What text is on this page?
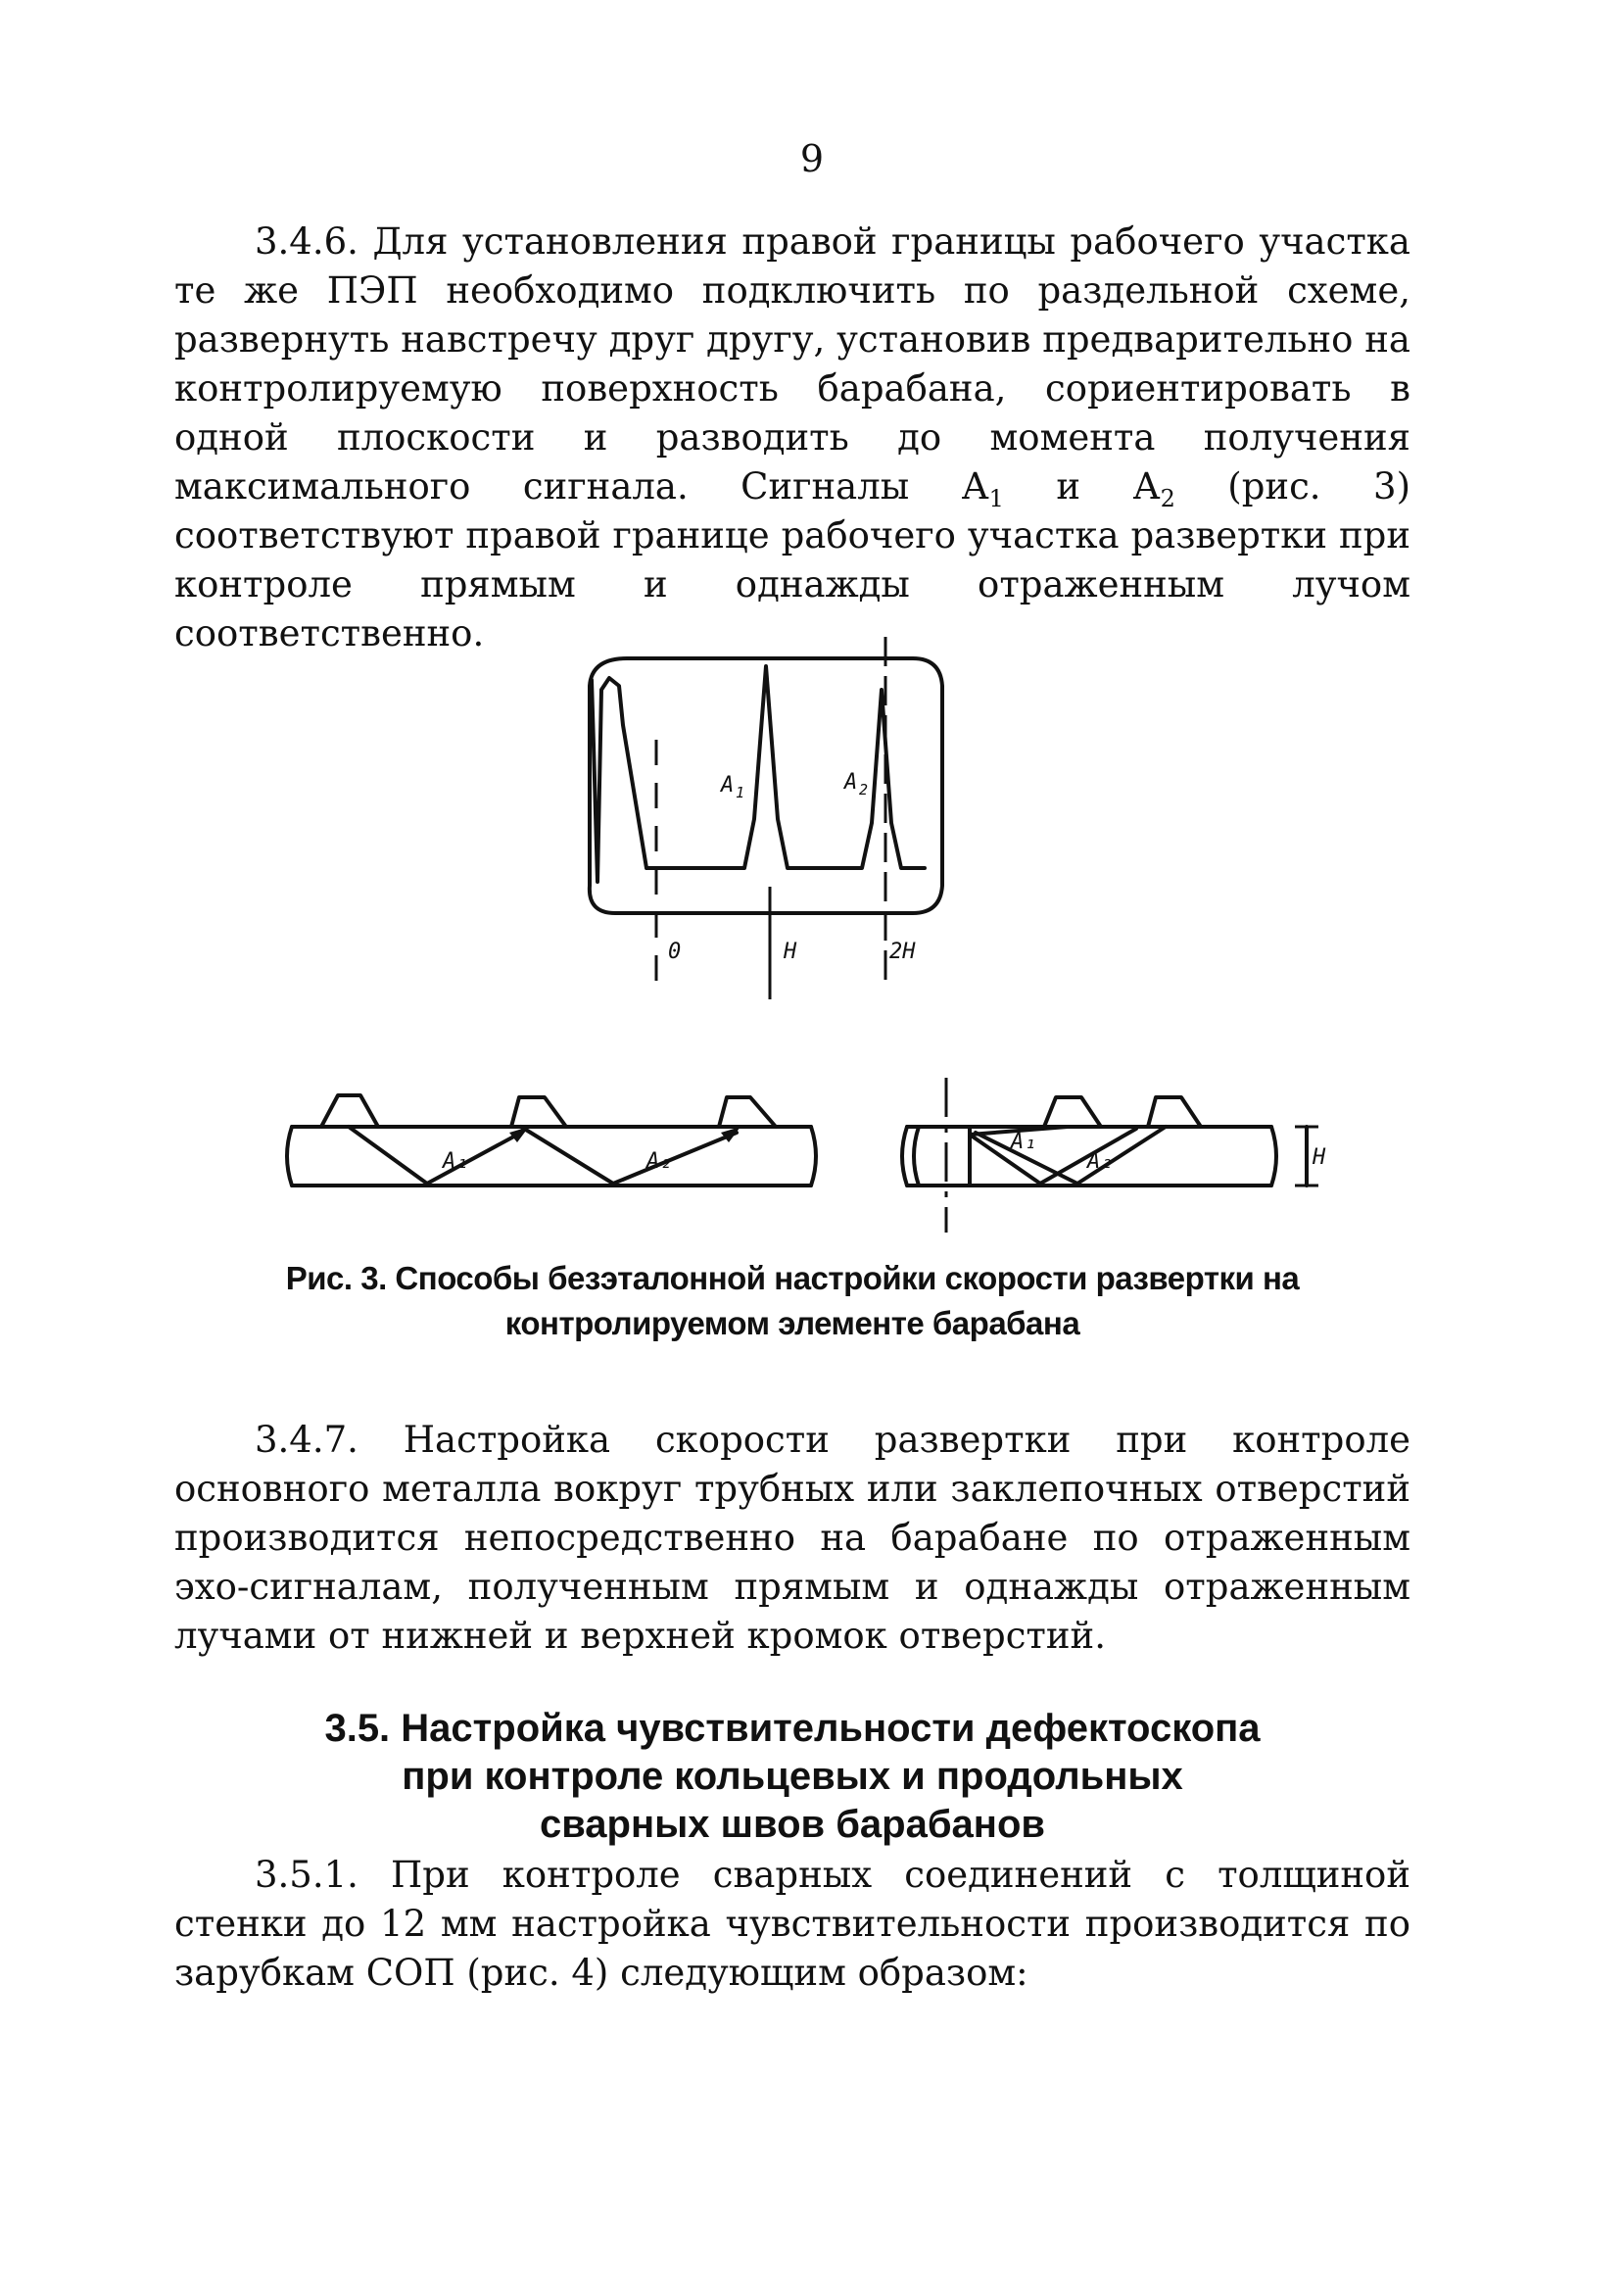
9

3.4.6. Для установления правой границы рабочего участка те же ПЭП необходимо подключить по раздельной схеме, развернуть навстречу друг другу, установив предварительно на контролируемую поверхность барабана, сориентировать в одной плоскости и разводить до момента получения максимального сигнала. Сигналы $А_1$ и $А_2$ (рис. 3) соответствуют правой границе рабочего участка развертки при контроле прямым и однажды отраженным лучом соответственно.

A 1	A 2
0	H	2H
A₁	A₂
A₁
A₂	H
Рис. 3. Способы безэталонной настройки скорости развертки на
контролируемом элементе барабана

3.4.7. Настройка скорости развертки при контроле основного металла вокруг трубных или заклепочных отверстий производится непосредственно на барабане по отраженным эхо-сигналам, полученным прямым и однажды отраженным лучами от нижней и верхней кромок отверстий.

3.5. Настройка чувствительности дефектоскопа
при контроле кольцевых и продольных
сварных швов барабанов

3.5.1. При контроле сварных соединений с толщиной стенки до 12 мм настройка чувствительности производится по зарубкам СОП (рис. 4) следующим образом:
